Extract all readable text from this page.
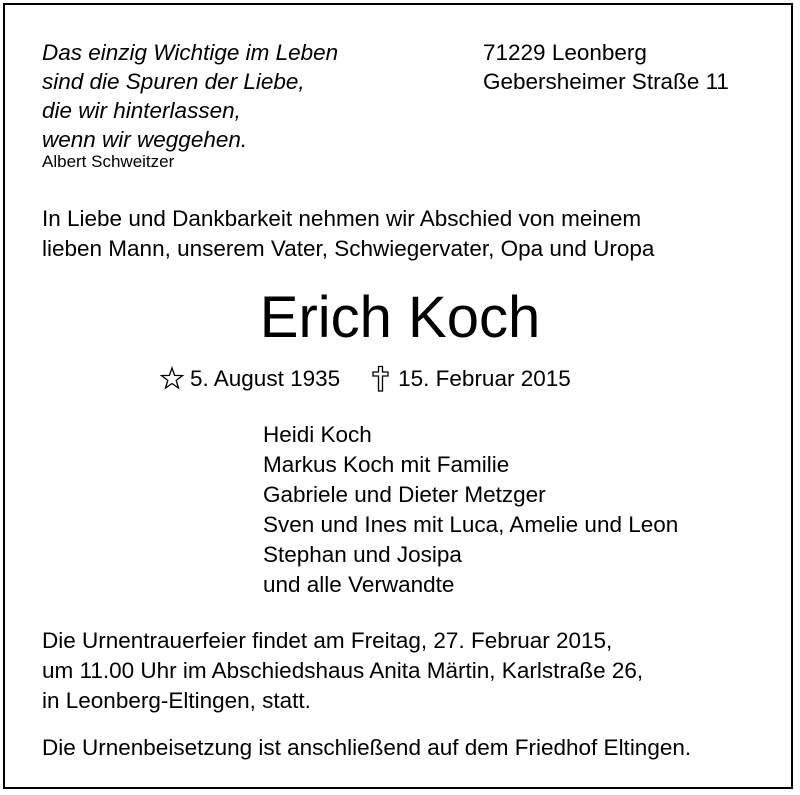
Das einzig Wichtige im Leben
sind die Spuren der Liebe,
die wir hinterlassen,
wenn wir weggehen.
Albert Schweitzer
71229 Leonberg
Gebersheimer Straße 11
In Liebe und Dankbarkeit nehmen wir Abschied von meinem
lieben Mann, unserem Vater, Schwiegervater, Opa und Uropa
Erich Koch
5. August 1935	15. Februar 2015
Heidi Koch
Markus Koch mit Familie
Gabriele und Dieter Metzger
Sven und Ines mit Luca, Amelie und Leon
Stephan und Josipa
und alle Verwandte
Die Urnentrauerfeier findet am Freitag, 27. Februar 2015,
um 11.00 Uhr im Abschiedshaus Anita Märtin, Karlstraße 26,
in Leonberg-Eltingen, statt.
Die Urnenbeisetzung ist anschließend auf dem Friedhof Eltingen.
